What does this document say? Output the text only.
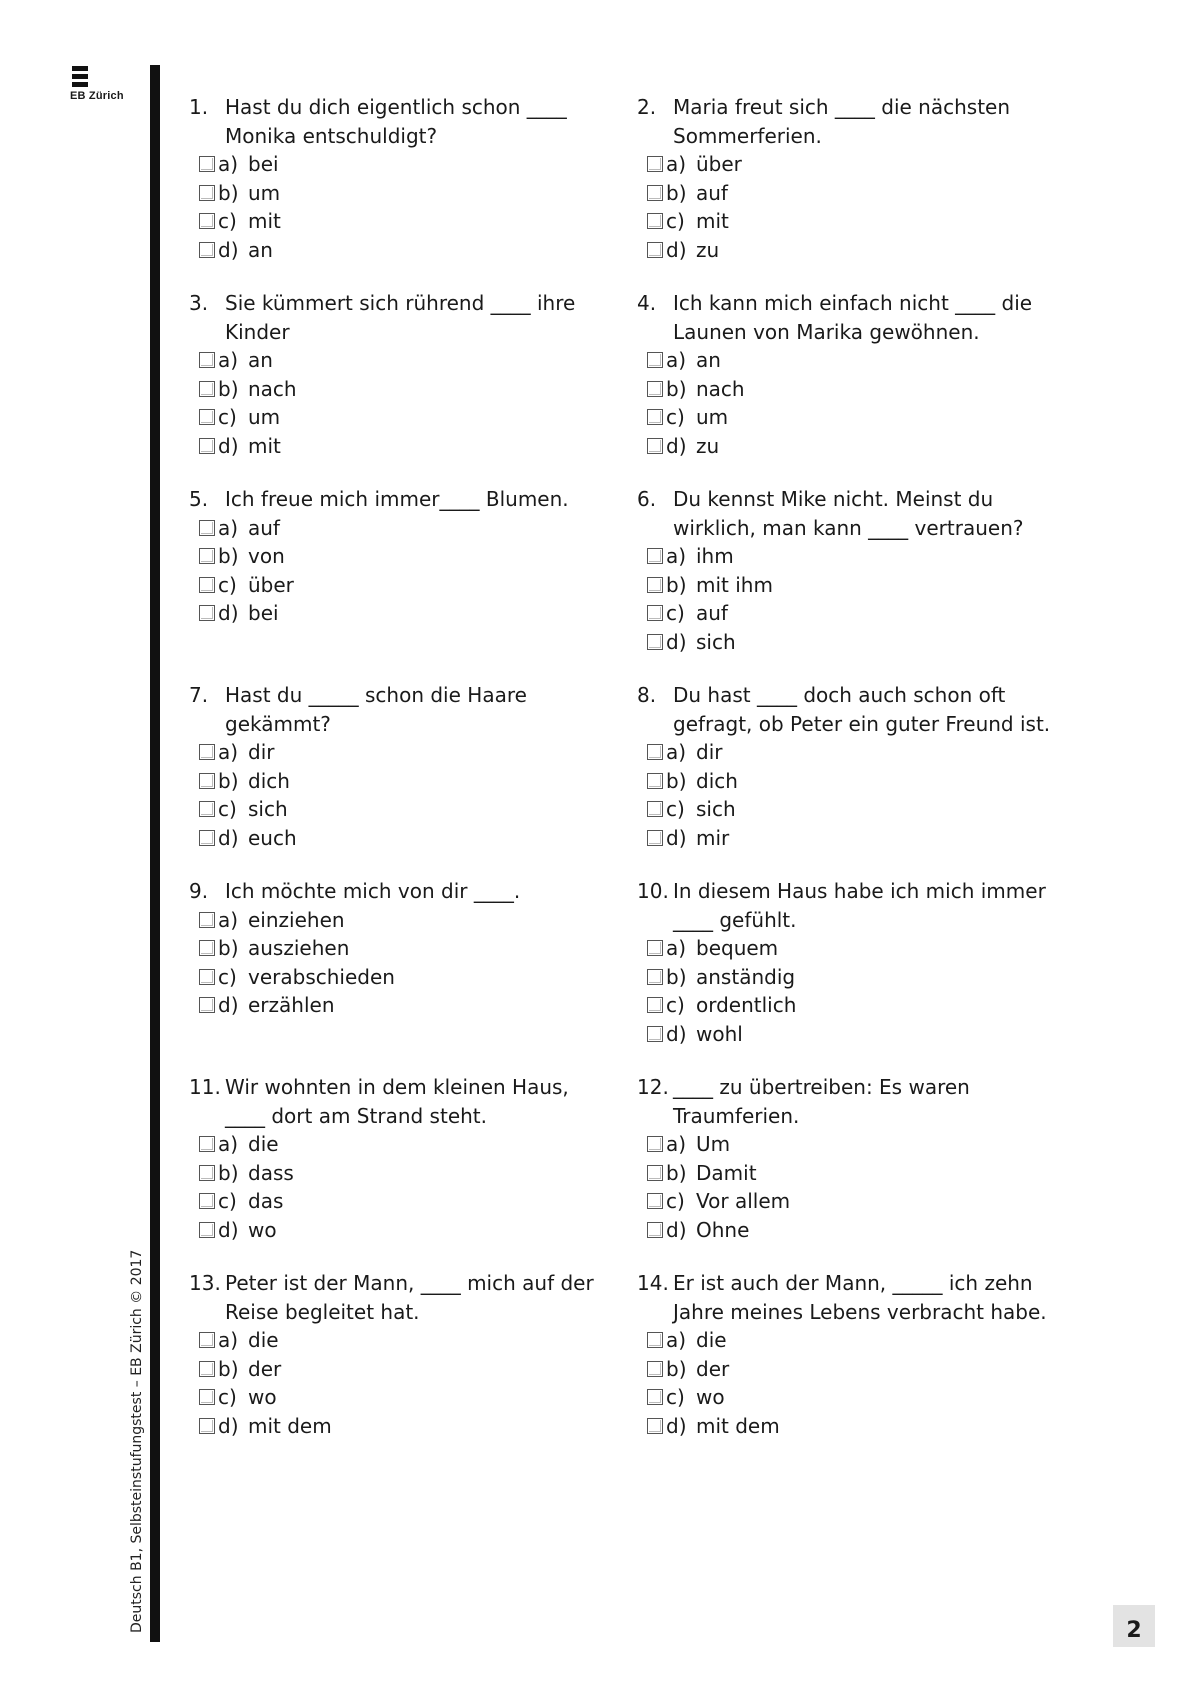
EB Zürich
Deutsch B1, Selbsteinstufungstest – EB Zürich © 2017
1. Hast du dich eigentlich schon ____ Monika entschuldigt?
a) bei
b) um
c) mit
d) an
2. Maria freut sich ____ die nächsten Sommerferien.
a) über
b) auf
c) mit
d) zu
3. Sie kümmert sich rührend ____ ihre Kinder
a) an
b) nach
c) um
d) mit
4. Ich kann mich einfach nicht ____ die Launen von Marika gewöhnen.
a) an
b) nach
c) um
d) zu
5. Ich freue mich immer____ Blumen.
a) auf
b) von
c) über
d) bei
6. Du kennst Mike nicht. Meinst du wirklich, man kann ____ vertrauen?
a) ihm
b) mit ihm
c) auf
d) sich
7. Hast du _____ schon die Haare gekämmt?
a) dir
b) dich
c) sich
d) euch
8. Du hast ____ doch auch schon oft gefragt, ob Peter ein guter Freund ist.
a) dir
b) dich
c) sich
d) mir
9. Ich möchte mich von dir ____.
a) einziehen
b) ausziehen
c) verabschieden
d) erzählen
10. In diesem Haus habe ich mich immer ____ gefühlt.
a) bequem
b) anständig
c) ordentlich
d) wohl
11. Wir wohnten in dem kleinen Haus, ____ dort am Strand steht.
a) die
b) dass
c) das
d) wo
12. ____ zu übertreiben: Es waren Traumferien.
a) Um
b) Damit
c) Vor allem
d) Ohne
13. Peter ist der Mann, ____ mich auf der Reise begleitet hat.
a) die
b) der
c) wo
d) mit dem
14. Er ist auch der Mann, _____ ich zehn Jahre meines Lebens verbracht habe.
a) die
b) der
c) wo
d) mit dem
2
